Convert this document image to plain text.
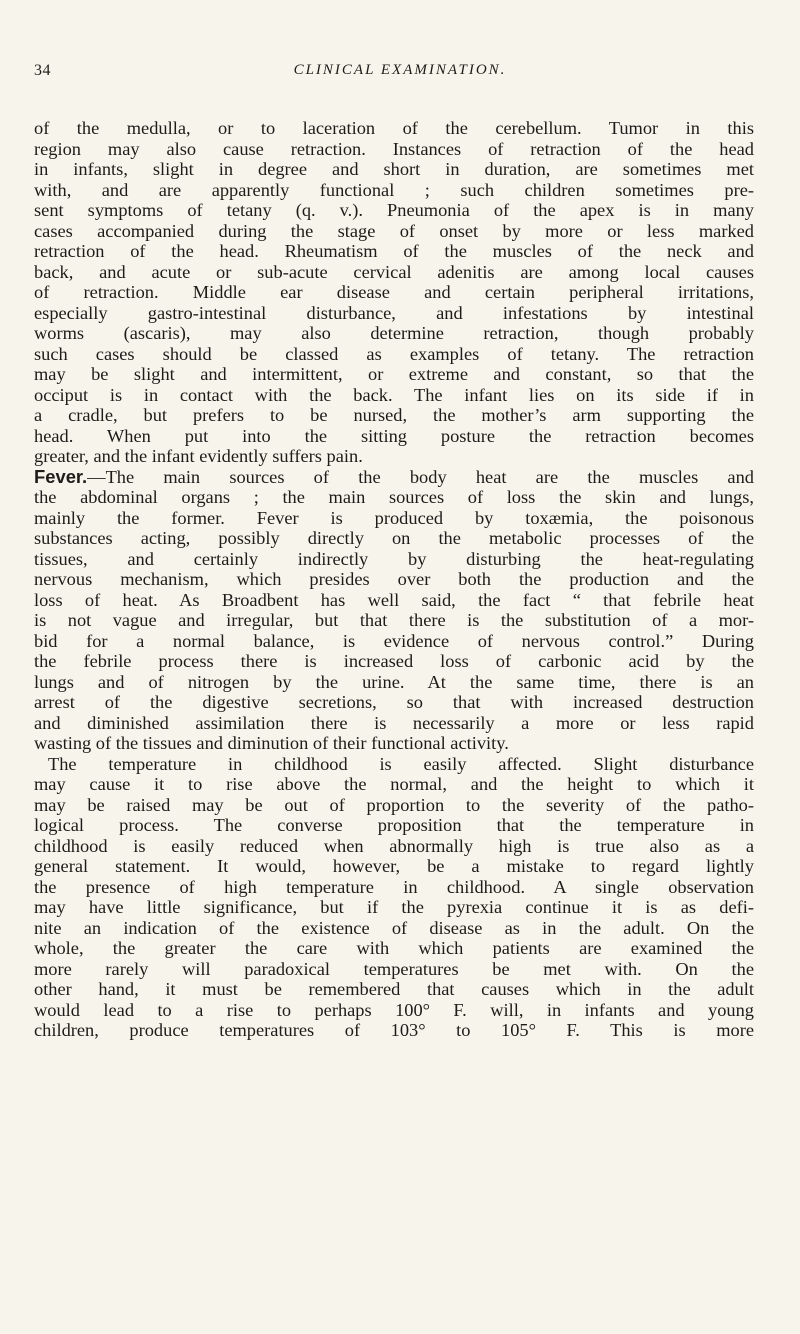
34	CLINICAL EXAMINATION.
of the medulla, or to laceration of the cerebellum. Tumor in this
region may also cause retraction. Instances of retraction of the head
in infants, slight in degree and short in duration, are sometimes met
with, and are apparently functional ; such children sometimes pre-
sent symptoms of tetany (q. v.). Pneumonia of the apex is in many
cases accompanied during the stage of onset by more or less marked
retraction of the head. Rheumatism of the muscles of the neck and
back, and acute or sub-acute cervical adenitis are among local causes
of retraction. Middle ear disease and certain peripheral irritations,
especially gastro-intestinal disturbance, and infestations by intestinal
worms (ascaris), may also determine retraction, though probably
such cases should be classed as examples of tetany. The retraction
may be slight and intermittent, or extreme and constant, so that the
occiput is in contact with the back. The infant lies on its side if in
a cradle, but prefers to be nursed, the mother’s arm supporting the
head. When put into the sitting posture the retraction becomes
greater, and the infant evidently suffers pain.
Fever.—The main sources of the body heat are the muscles and
the abdominal organs ; the main sources of loss the skin and lungs,
mainly the former. Fever is produced by toxæmia, the poisonous
substances acting, possibly directly on the metabolic processes of the
tissues, and certainly indirectly by disturbing the heat-regulating
nervous mechanism, which presides over both the production and the
loss of heat. As Broadbent has well said, the fact “ that febrile heat
is not vague and irregular, but that there is the substitution of a mor-
bid for a normal balance, is evidence of nervous control.” During
the febrile process there is increased loss of carbonic acid by the
lungs and of nitrogen by the urine. At the same time, there is an
arrest of the digestive secretions, so that with increased destruction
and diminished assimilation there is necessarily a more or less rapid
wasting of the tissues and diminution of their functional activity.
The temperature in childhood is easily affected. Slight disturbance
may cause it to rise above the normal, and the height to which it
may be raised may be out of proportion to the severity of the patho-
logical process. The converse proposition that the temperature in
childhood is easily reduced when abnormally high is true also as a
general statement. It would, however, be a mistake to regard lightly
the presence of high temperature in childhood. A single observation
may have little significance, but if the pyrexia continue it is as defi-
nite an indication of the existence of disease as in the adult. On the
whole, the greater the care with which patients are examined the
more rarely will paradoxical temperatures be met with. On the
other hand, it must be remembered that causes which in the adult
would lead to a rise to perhaps 100° F. will, in infants and young
children, produce temperatures of 103° to 105° F. This is more
